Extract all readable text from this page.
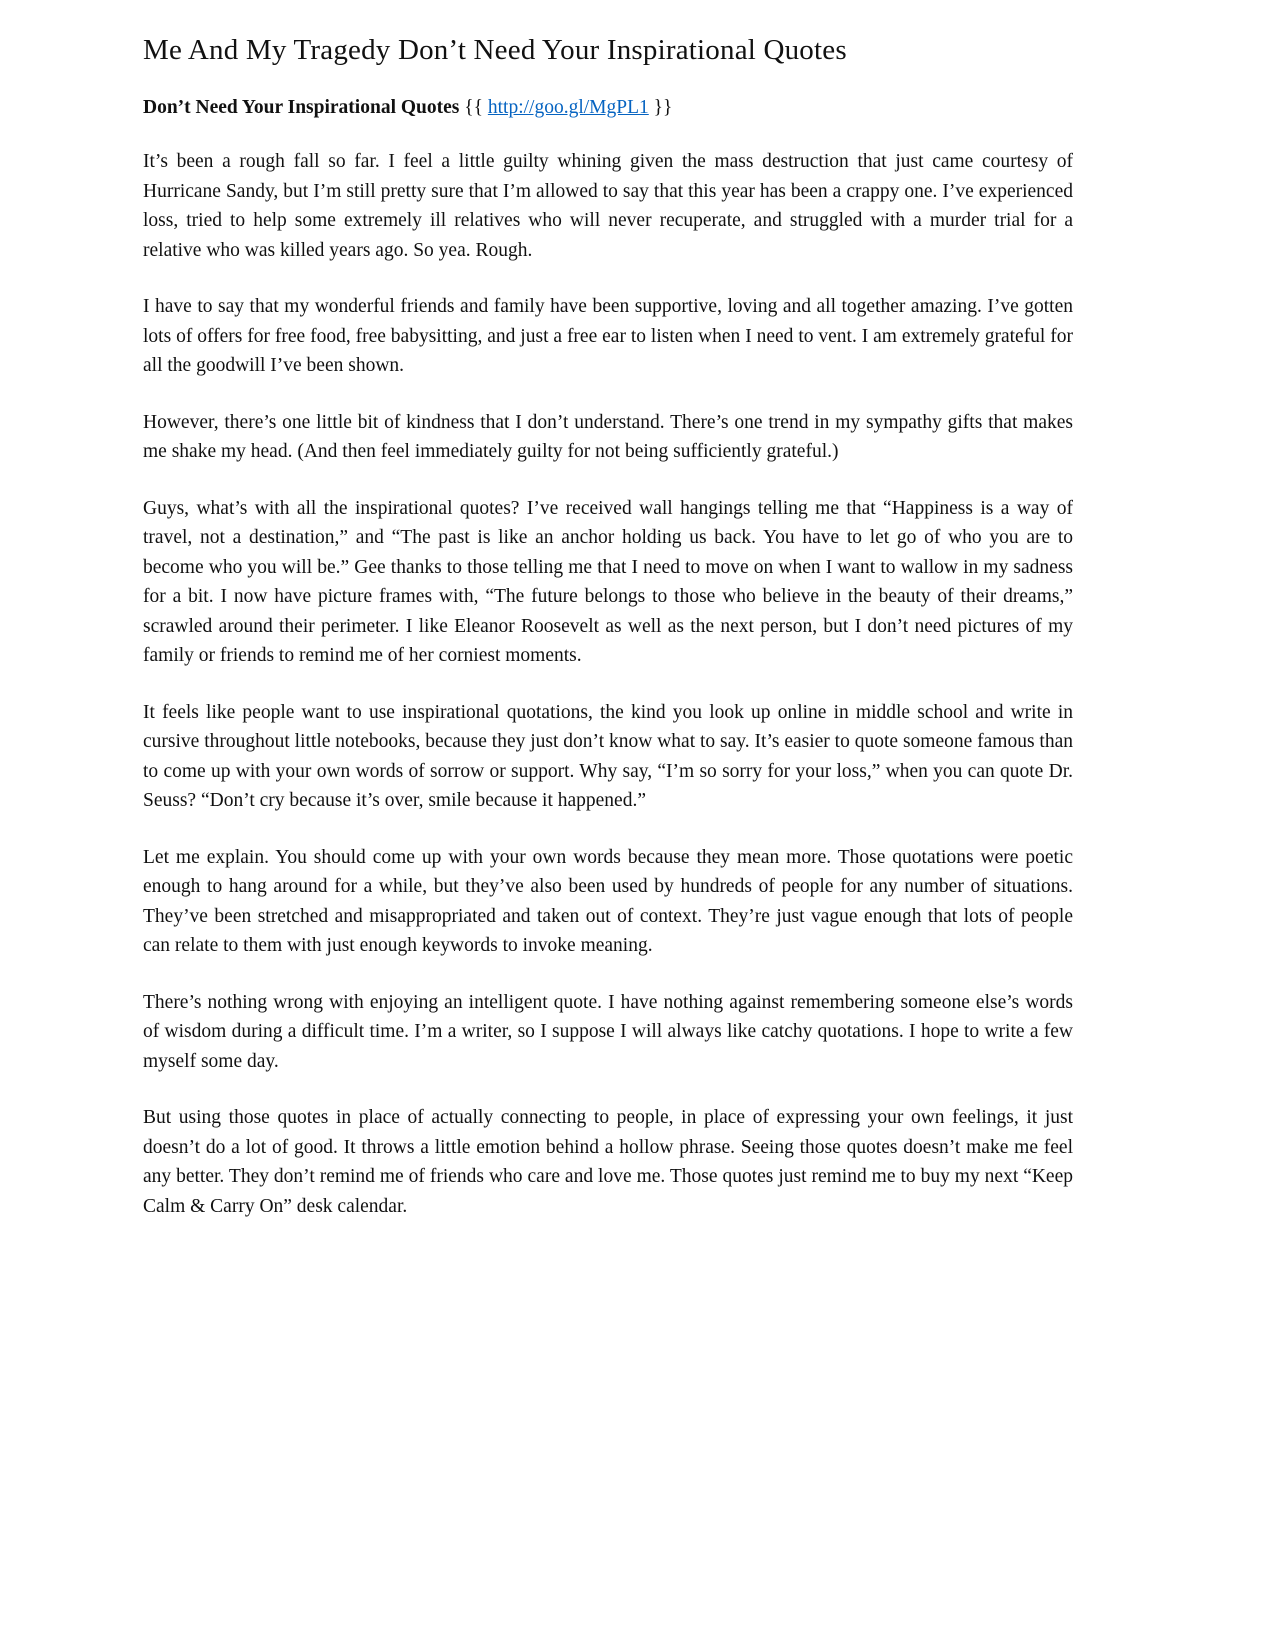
Me And My Tragedy Don’t Need Your Inspirational Quotes

Don’t Need Your Inspirational Quotes {{ http://goo.gl/MgPL1 }}

It’s been a rough fall so far. I feel a little guilty whining given the mass destruction that just came courtesy of Hurricane Sandy, but I’m still pretty sure that I’m allowed to say that this year has been a crappy one. I’ve experienced loss, tried to help some extremely ill relatives who will never recuperate, and struggled with a murder trial for a relative who was killed years ago. So yea. Rough.

I have to say that my wonderful friends and family have been supportive, loving and all together amazing. I’ve gotten lots of offers for free food, free babysitting, and just a free ear to listen when I need to vent. I am extremely grateful for all the goodwill I’ve been shown.

However, there’s one little bit of kindness that I don’t understand. There’s one trend in my sympathy gifts that makes me shake my head. (And then feel immediately guilty for not being sufficiently grateful.)

Guys, what’s with all the inspirational quotes? I’ve received wall hangings telling me that “Happiness is a way of travel, not a destination,” and “The past is like an anchor holding us back. You have to let go of who you are to become who you will be.” Gee thanks to those telling me that I need to move on when I want to wallow in my sadness for a bit. I now have picture frames with, “The future belongs to those who believe in the beauty of their dreams,” scrawled around their perimeter. I like Eleanor Roosevelt as well as the next person, but I don’t need pictures of my family or friends to remind me of her corniest moments.

It feels like people want to use inspirational quotations, the kind you look up online in middle school and write in cursive throughout little notebooks, because they just don’t know what to say. It’s easier to quote someone famous than to come up with your own words of sorrow or support. Why say, “I’m so sorry for your loss,” when you can quote Dr. Seuss? “Don’t cry because it’s over, smile because it happened.”

Let me explain. You should come up with your own words because they mean more. Those quotations were poetic enough to hang around for a while, but they’ve also been used by hundreds of people for any number of situations. They’ve been stretched and misappropriated and taken out of context. They’re just vague enough that lots of people can relate to them with just enough keywords to invoke meaning.

There’s nothing wrong with enjoying an intelligent quote. I have nothing against remembering someone else’s words of wisdom during a difficult time. I’m a writer, so I suppose I will always like catchy quotations. I hope to write a few myself some day.

But using those quotes in place of actually connecting to people, in place of expressing your own feelings, it just doesn’t do a lot of good. It throws a little emotion behind a hollow phrase. Seeing those quotes doesn’t make me feel any better. They don’t remind me of friends who care and love me. Those quotes just remind me to buy my next “Keep Calm & Carry On” desk calendar.
